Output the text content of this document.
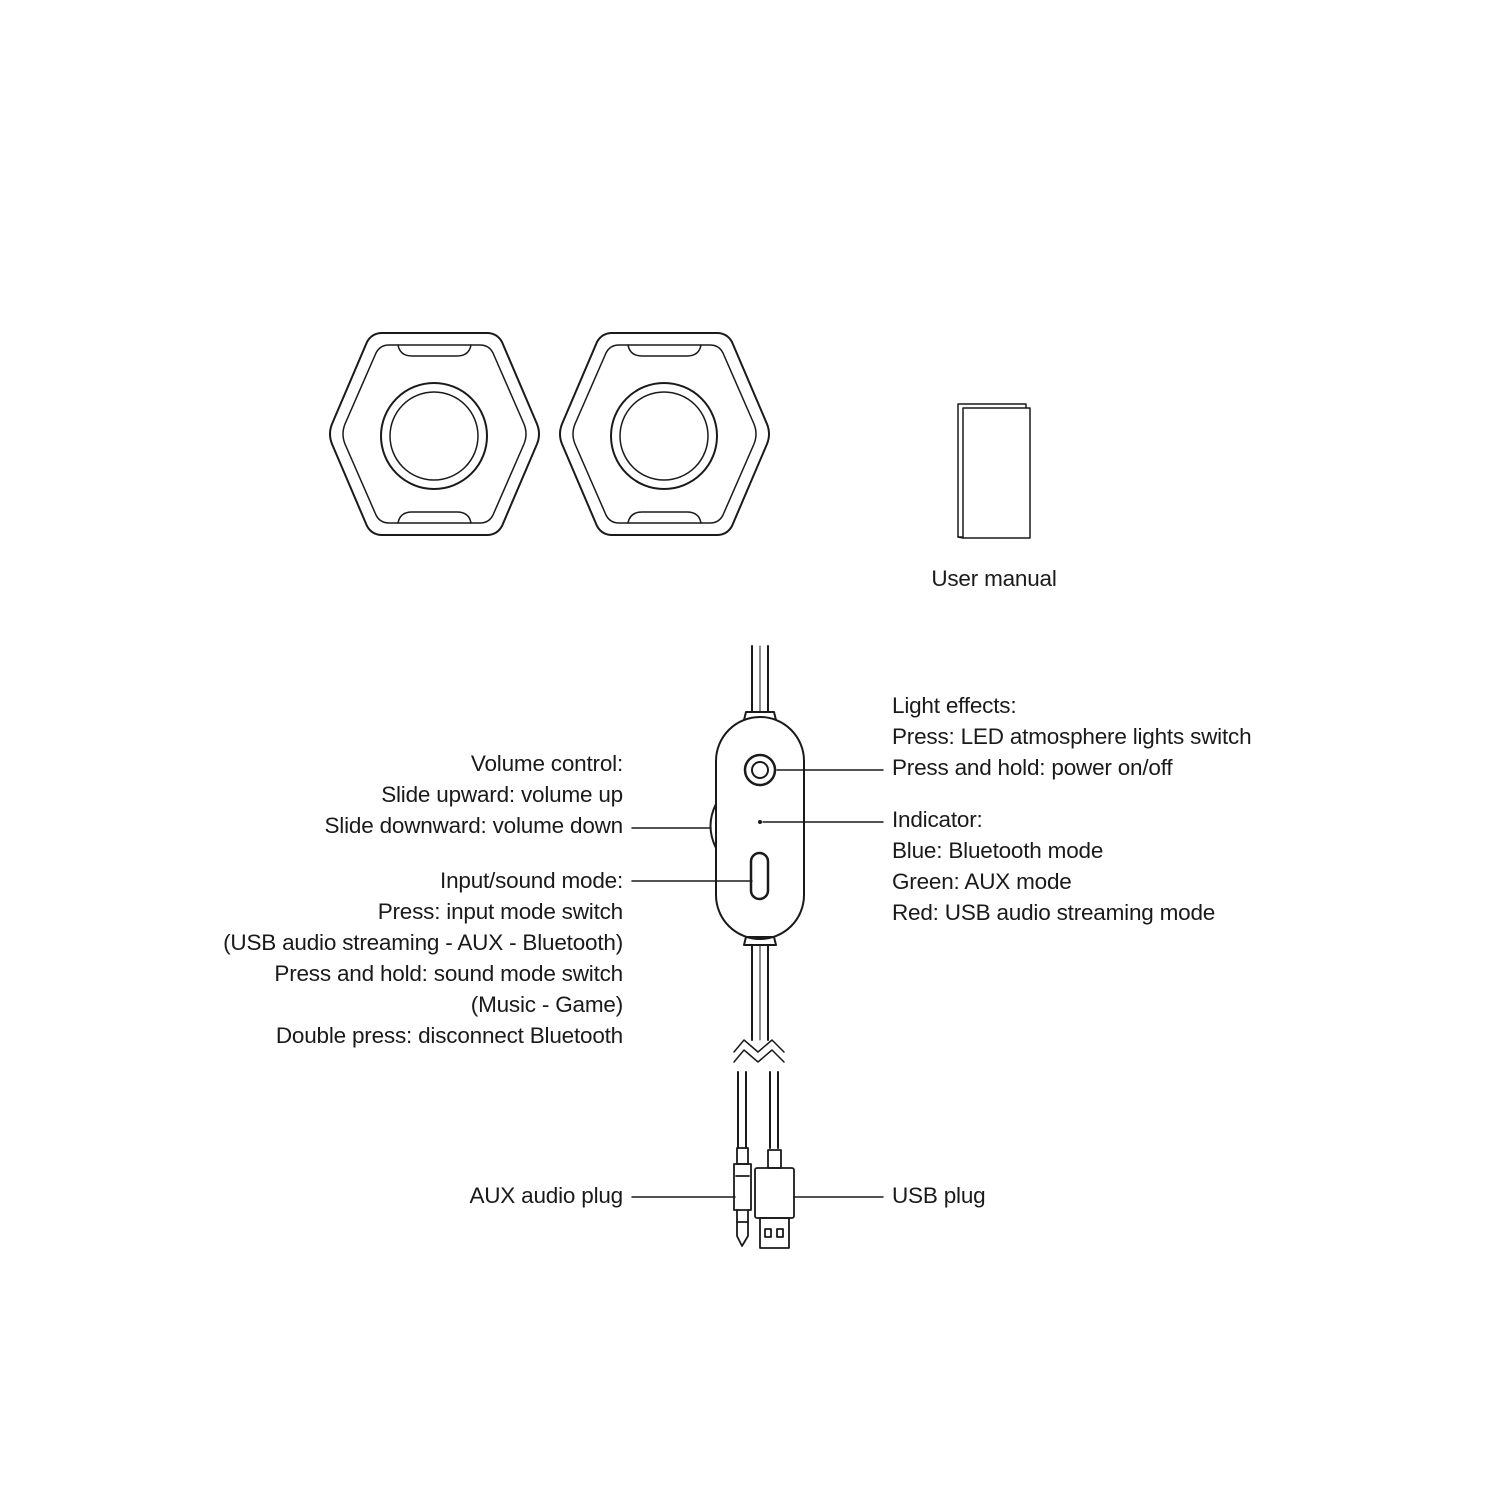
User manual
Light effects:
Press: LED atmosphere lights switch
Press and hold: power on/off
Volume control:
Slide upward: volume up
Slide downward: volume down	Indicator:
Blue: Bluetooth mode
Green: AUX mode
Red: USB audio streaming mode
Input/sound mode:
Press: input mode switch
(USB audio streaming - AUX - Bluetooth)
Press and hold: sound mode switch
(Music - Game)
Double press: disconnect Bluetooth
AUX audio plug	USB plug
